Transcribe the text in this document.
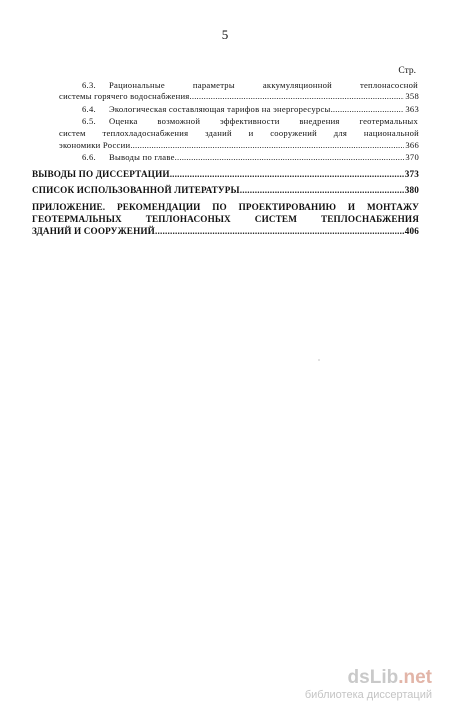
5
Стр.
6.3. Рациональные параметры аккумуляционной теплонасосной
системы горячего водоснабжения .....	358
6.4.	Экологическая составляющая тарифов на энергоресурсы .....	363
6.5. Оценка возможной эффективности внедрения геотермальных
систем теплохладоснабжения зданий и сооружений для национальной
экономики России .....	366
6.6.	Выводы по главе .....	370
ВЫВОДЫ ПО ДИССЕРТАЦИИ .....	373
СПИСОК ИСПОЛЬЗОВАННОЙ ЛИТЕРАТУРЫ .....	380
ПРИЛОЖЕНИЕ. РЕКОМЕНДАЦИИ ПО ПРОЕКТИРОВАНИЮ И МОНТАЖУ
ГЕОТЕРМАЛЬНЫХ ТЕПЛОНАСОНЫХ СИСТЕМ ТЕПЛОСНАБЖЕНИЯ
ЗДАНИЙ И СООРУЖЕНИЙ .....	406
dsLib.net
библиотека диссертаций
